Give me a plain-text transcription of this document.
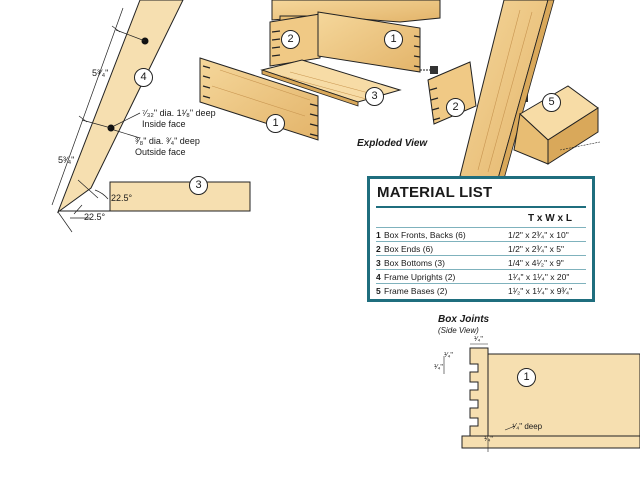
2	1
3
1
2	5
4
3
1
5³⁄₄"
5³⁄₄"
⁷⁄₃₂" dia. 1¹⁄₈" deep
Inside face
³⁄₈" dia. ³⁄₄" deep
Outside face
22.5°
22.5°
Exploded View
MATERIAL LIST
T x W x L
1 Box Fronts, Backs (6)	1/2" x 2³⁄₄" x 10"
2 Box Ends (6)	1/2" x 2³⁄₄" x 5"
3 Box Bottoms (3)	1/4" x 4¹⁄₂" x 9"
4 Frame Uprights (2)	1¹⁄₄" x 1¹⁄₄" x 20"
5 Frame Bases (2)	1¹⁄₂" x 1¹⁄₄" x 9³⁄₄"
Box Joints
(Side View)
¹⁄₄"
¹⁄₄"
¹⁄₄"
¹⁄₄"
¹⁄₄" deep
